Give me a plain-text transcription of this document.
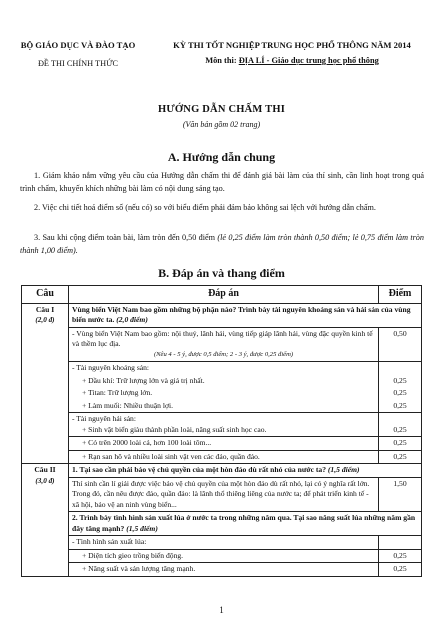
BỘ GIÁO DỤC VÀ ĐÀO TẠO
ĐỀ THI CHÍNH THỨC
KỲ THI TỐT NGHIỆP TRUNG HỌC PHỔ THÔNG NĂM 2014
Môn thi: ĐỊA LÍ - Giáo dục trung học phổ thông
HƯỚNG DẪN CHẤM THI
(Văn bản gồm 02 trang)
A. Hướng dẫn chung
1. Giám khảo nắm vững yêu cầu của Hướng dẫn chấm thi để đánh giá bài làm của thí sinh, cần linh hoạt trong quá trình chấm, khuyến khích những bài làm có nội dung sáng tạo.
2. Việc chi tiết hoá điểm số (nếu có) so với biểu điểm phải đảm bảo không sai lệch với hướng dẫn chấm.
3. Sau khi cộng điểm toàn bài, làm tròn đến 0,50 điểm (lẻ 0,25 điểm làm tròn thành 0,50 điểm; lẻ 0,75 điểm làm tròn thành 1,00 điểm).
B. Đáp án và thang điểm
Câu	Đáp án	Điểm

Câu I
(2,0 đ)	Vùng biển Việt Nam bao gồm những bộ phận nào? Trình bày tài nguyên khoáng sản và hải sản của vùng biển nước ta. (2,0 điểm)	
	- Vùng biển Việt Nam bao gồm: nội thuỷ, lãnh hải, vùng tiếp giáp lãnh hải, vùng đặc quyền kinh tế và thềm lục địa.
(Nêu 4 - 5 ý, được 0,5 điểm; 2 - 3 ý, được 0,25 điểm)	0,50
	- Tài nguyên khoáng sản:	

	+ Dầu khí: Trữ lượng lớn và giá trị nhất.	0,25

	+ Titan: Trữ lượng lớn.	0,25

	+ Làm muối: Nhiều thuận lợi.	0,25
	- Tài nguyên hải sản:
+ Sinh vật biển giàu thành phần loài, năng suất sinh học cao.	0,25

	+ Có trên 2000 loài cá, hơn 100 loài tôm...	0,25

	+ Rạn san hô và nhiều loài sinh vật ven các đảo, quần đảo.	0,25

Câu II
(3,0 đ)	1. Tại sao cần phải bảo vệ chủ quyền của một hòn đảo dù rất nhỏ của nước ta? (1,5 điểm)	
	Thí sinh cần lí giải được việc bảo vệ chủ quyền của một hòn đảo dù rất nhỏ, lại có ý nghĩa rất lớn. Trong đó, cần nêu được đảo, quần đảo: là lãnh thổ thiêng liêng của nước ta; để phát triển kinh tế - xã hội, bảo vệ an ninh vùng biển...	1,50
	2. Trình bày tình hình sản xuất lúa ở nước ta trong những năm qua. Tại sao năng suất lúa những năm gần đây tăng mạnh? (1,5 điểm)	
	- Tình hình sản xuất lúa:	

	+ Diện tích gieo trồng biến động.	0,25

	+ Năng suất và sản lượng tăng mạnh.	0,25
1
